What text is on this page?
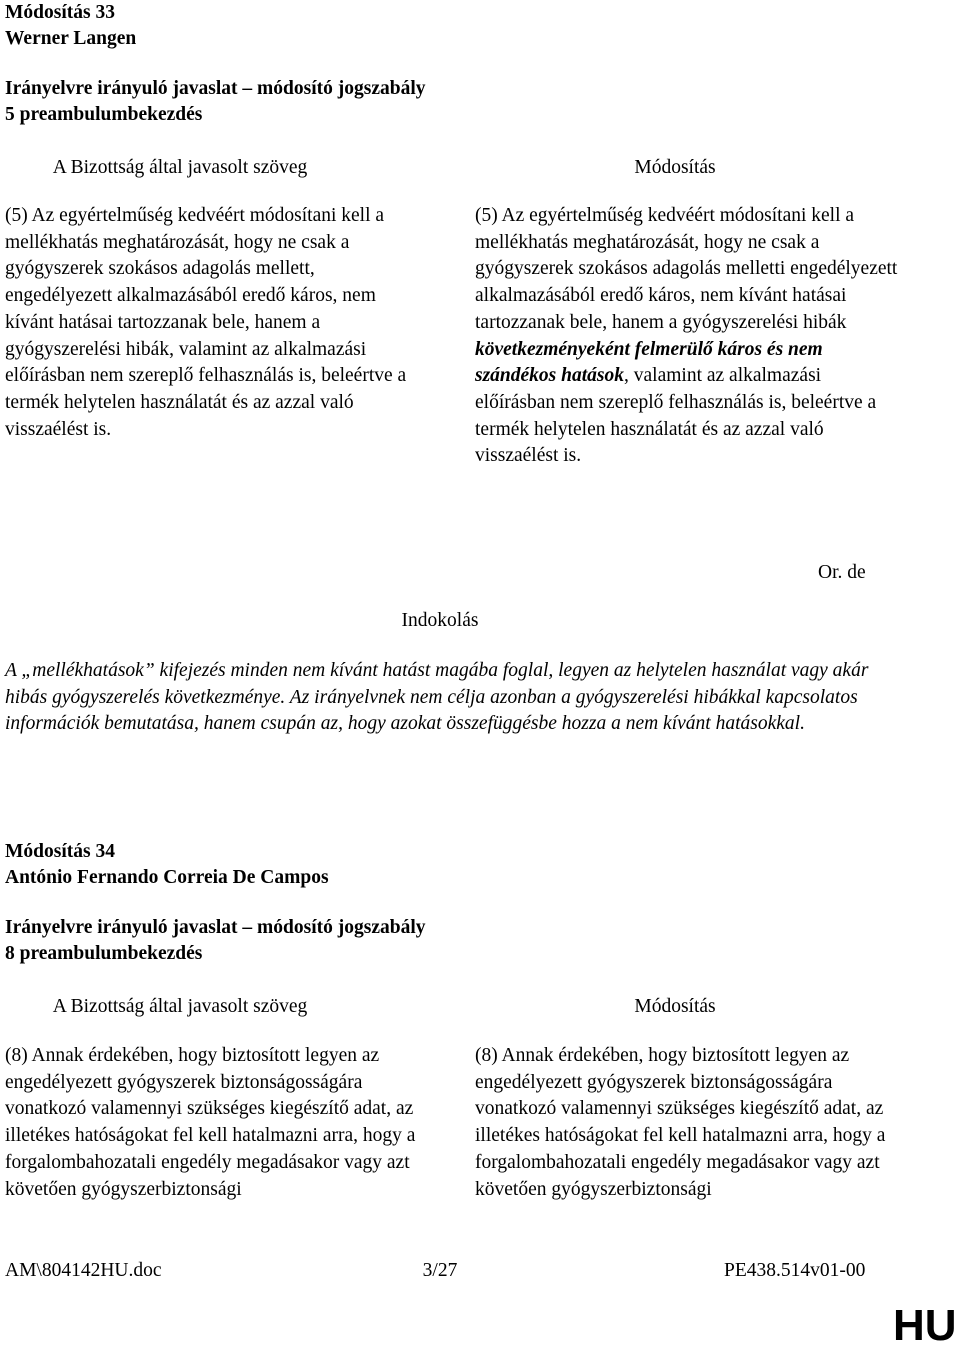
Módosítás 33
Werner Langen
Irányelvre irányuló javaslat – módosító jogszabály
5 preambulumbekezdés
A Bizottság által javasolt szöveg	Módosítás
(5) Az egyértelműség kedvéért módosítani kell a mellékhatás meghatározását, hogy ne csak a gyógyszerek szokásos adagolás mellett, engedélyezett alkalmazásából eredő káros, nem kívánt hatásai tartozzanak bele, hanem a gyógyszerelési hibák, valamint az alkalmazási előírásban nem szereplő felhasználás is, beleértve a termék helytelen használatát és az azzal való visszaélést is.
(5) Az egyértelműség kedvéért módosítani kell a mellékhatás meghatározását, hogy ne csak a gyógyszerek szokásos adagolás melletti engedélyezett alkalmazásából eredő káros, nem kívánt hatásai tartozzanak bele, hanem a gyógyszerelési hibák következményeként felmerülő káros és nem szándékos hatások, valamint az alkalmazási előírásban nem szereplő felhasználás is, beleértve a termék helytelen használatát és az azzal való visszaélést is.
Or. de
Indokolás
A „mellékhatások” kifejezés minden nem kívánt hatást magába foglal, legyen az helytelen használat vagy akár hibás gyógyszerelés következménye. Az irányelvnek nem célja azonban a gyógyszerelési hibákkal kapcsolatos információk bemutatása, hanem csupán az, hogy azokat összefüggésbe hozza a nem kívánt hatásokkal.
Módosítás 34
António Fernando Correia De Campos
Irányelvre irányuló javaslat – módosító jogszabály
8 preambulumbekezdés
A Bizottság által javasolt szöveg	Módosítás
(8) Annak érdekében, hogy biztosított legyen az engedélyezett gyógyszerek biztonságosságára vonatkozó valamennyi szükséges kiegészítő adat, az illetékes hatóságokat fel kell hatalmazni arra, hogy a forgalombahozatali engedély megadásakor vagy azt követően gyógyszerbiztonsági
(8) Annak érdekében, hogy biztosított legyen az engedélyezett gyógyszerek biztonságosságára vonatkozó valamennyi szükséges kiegészítő adat, az illetékes hatóságokat fel kell hatalmazni arra, hogy a forgalombahozatali engedély megadásakor vagy azt követően gyógyszerbiztonsági
AM\804142HU.doc	3/27	PE438.514v01-00
HU
